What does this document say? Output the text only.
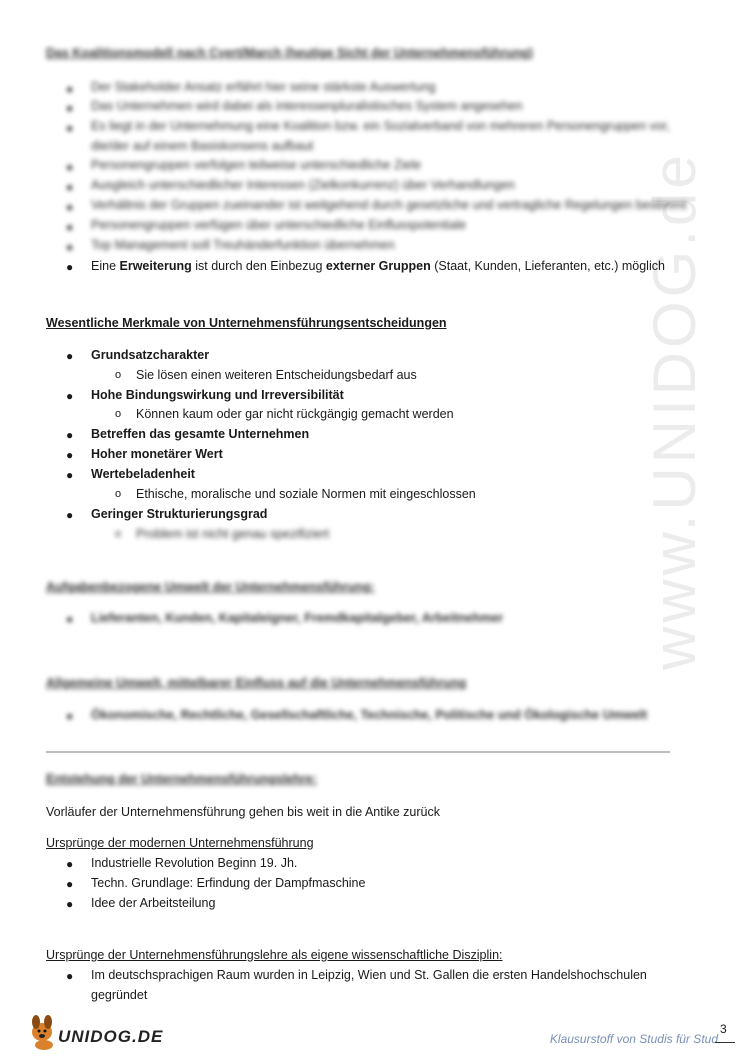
www.UNIDOG.de
Das Koalitionsmodell nach Cyert/March (heutige Sicht der Unternehmensführung)
● Der Stakeholder Ansatz erfährt hier seine stärkste Auswertung
● Das Unternehmen wird dabei als interessenpluralistisches System angesehen
● Es liegt in der Unternehmung eine Koalition bzw. ein Sozialverband von mehreren Personengruppen vor,
die/der auf einem Basiskonsens aufbaut
● Personengruppen verfolgen teilweise unterschiedliche Ziele
● Ausgleich unterschiedlicher Interessen (Zielkonkurrenz) über Verhandlungen
● Verhältnis der Gruppen zueinander ist weitgehend durch gesetzliche und vertragliche Regelungen bestimmt
● Personengruppen verfügen über unterschiedliche Einflusspotentiale
● Top Management soll Treuhänderfunktion übernehmen
● Eine Erweiterung ist durch den Einbezug externer Gruppen (Staat, Kunden, Lieferanten, etc.) möglich
Wesentliche Merkmale von Unternehmensführungsentscheidungen
● Grundsatzcharakter
o Sie lösen einen weiteren Entscheidungsbedarf aus
● Hohe Bindungswirkung und Irreversibilität
o Können kaum oder gar nicht rückgängig gemacht werden
● Betreffen das gesamte Unternehmen
● Hoher monetärer Wert
● Wertebeladenheit
o Ethische, moralische und soziale Normen mit eingeschlossen
● Geringer Strukturierungsgrad
o Problem ist nicht genau spezifiziert
Aufgabenbezogene Umwelt der Unternehmensführung:
● Lieferanten, Kunden, Kapitaleigner, Fremdkapitalgeber, Arbeitnehmer
Allgemeine Umwelt, mittelbarer Einfluss auf die Unternehmensführung
● Ökonomische, Rechtliche, Gesellschaftliche, Technische, Politische und Ökologische Umwelt
Entstehung der Unternehmensführungslehre:
Vorläufer der Unternehmensführung gehen bis weit in die Antike zurück
Ursprünge der modernen Unternehmensführung
● Industrielle Revolution Beginn 19. Jh.
● Techn. Grundlage: Erfindung der Dampfmaschine
● Idee der Arbeitsteilung
Ursprünge der Unternehmensführungslehre als eigene wissenschaftliche Disziplin:
● Im deutschsprachigen Raum wurden in Leipzig, Wien und St. Gallen die ersten Handelshochschulen
gegründet
UNIDOG.DE	Klausurstoff von Studis für Stud
3
